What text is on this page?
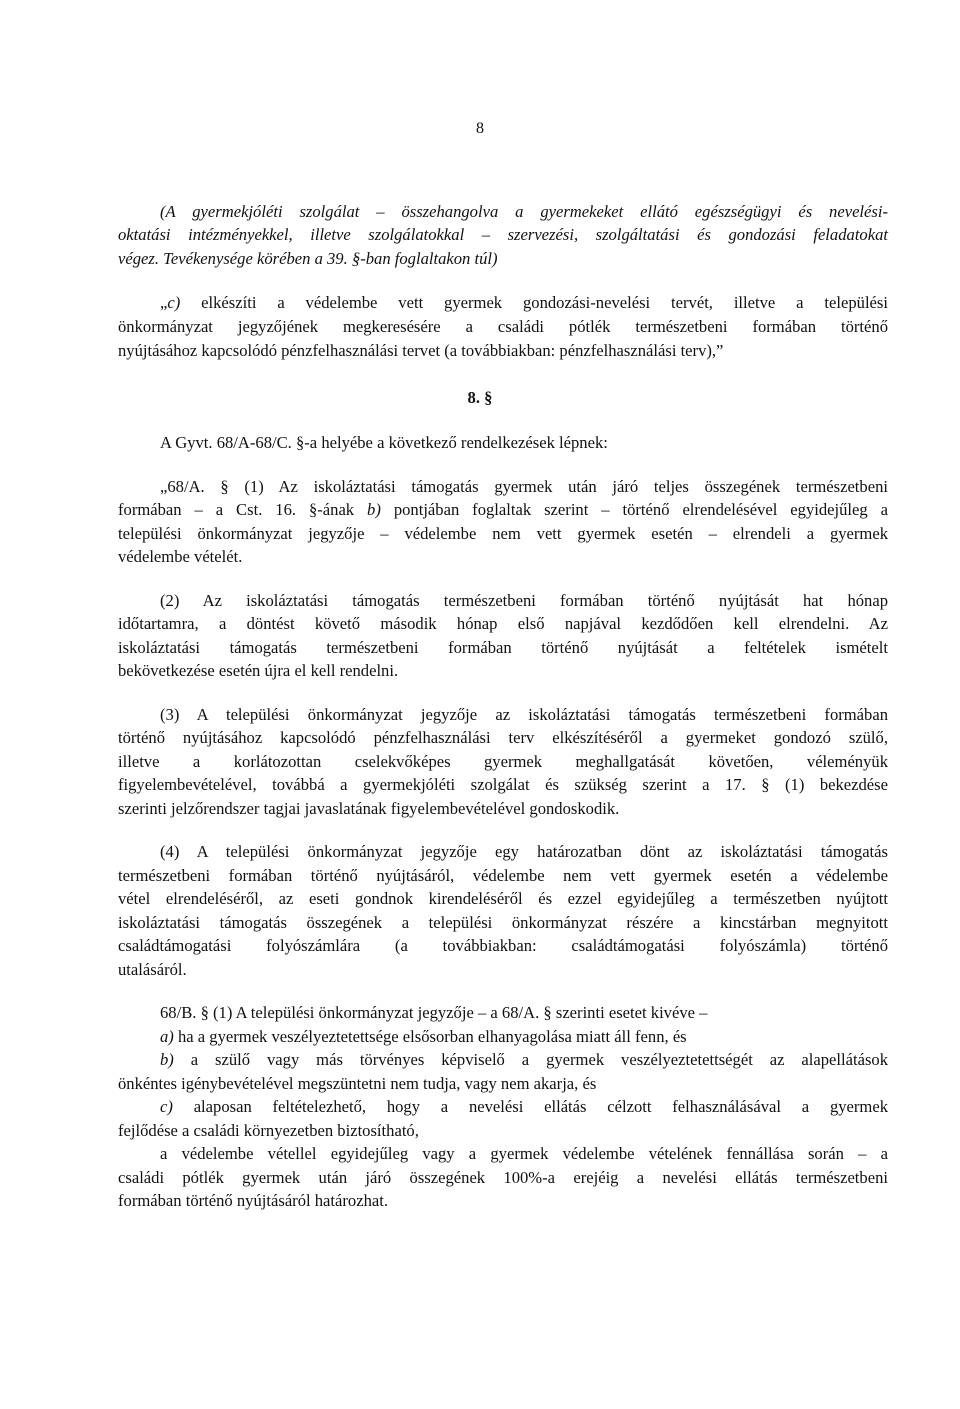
8
(A gyermekjóléti szolgálat – összehangolva a gyermekeket ellátó egészségügyi és nevelési-
oktatási intézményekkel, illetve szolgálatokkal – szervezési, szolgáltatási és gondozási feladatokat
végez. Tevékenysége körében a 39. §-ban foglaltakon túl)
„c) elkészíti a védelembe vett gyermek gondozási-nevelési tervét, illetve a települési
önkormányzat jegyzőjének megkeresésére a családi pótlék természetbeni formában történő
nyújtásához kapcsolódó pénzfelhasználási tervet (a továbbiakban: pénzfelhasználási terv),”
8. §
A Gyvt. 68/A-68/C. §-a helyébe a következő rendelkezések lépnek:
„68/A. § (1) Az iskoláztatási támogatás gyermek után járó teljes összegének természetbeni
formában – a Cst. 16. §-ának b) pontjában foglaltak szerint – történő elrendelésével egyidejűleg a
települési önkormányzat jegyzője – védelembe nem vett gyermek esetén – elrendeli a gyermek
védelembe vételét.
(2) Az iskoláztatási támogatás természetbeni formában történő nyújtását hat hónap
időtartamra, a döntést követő második hónap első napjával kezdődően kell elrendelni. Az
iskoláztatási támogatás természetbeni formában történő nyújtását a feltételek ismételt
bekövetkezése esetén újra el kell rendelni.
(3) A települési önkormányzat jegyzője az iskoláztatási támogatás természetbeni formában
történő nyújtásához kapcsolódó pénzfelhasználási terv elkészítéséről a gyermeket gondozó szülő,
illetve a korlátozottan cselekvőképes gyermek meghallgatását követően, véleményük
figyelembevételével, továbbá a gyermekjóléti szolgálat és szükség szerint a 17. § (1) bekezdése
szerinti jelzőrendszer tagjai javaslatának figyelembevételével gondoskodik.
(4) A települési önkormányzat jegyzője egy határozatban dönt az iskoláztatási támogatás
természetbeni formában történő nyújtásáról, védelembe nem vett gyermek esetén a védelembe
vétel elrendeléséről, az eseti gondnok kirendeléséről és ezzel egyidejűleg a természetben nyújtott
iskoláztatási támogatás összegének a települési önkormányzat részére a kincstárban megnyitott
családtámogatási folyószámlára (a továbbiakban: családtámogatási folyószámla) történő
utalásáról.
68/B. § (1) A települési önkormányzat jegyzője – a 68/A. § szerinti esetet kivéve –
a) ha a gyermek veszélyeztetettsége elsősorban elhanyagolása miatt áll fenn, és
b) a szülő vagy más törvényes képviselő a gyermek veszélyeztetettségét az alapellátások
önkéntes igénybevételével megszüntetni nem tudja, vagy nem akarja, és
c) alaposan feltételezhető, hogy a nevelési ellátás célzott felhasználásával a gyermek
fejlődése a családi környezetben biztosítható,
a védelembe vétellel egyidejűleg vagy a gyermek védelembe vételének fennállása során – a
családi pótlék gyermek után járó összegének 100%-a erejéig a nevelési ellátás természetbeni
formában történő nyújtásáról határozhat.
